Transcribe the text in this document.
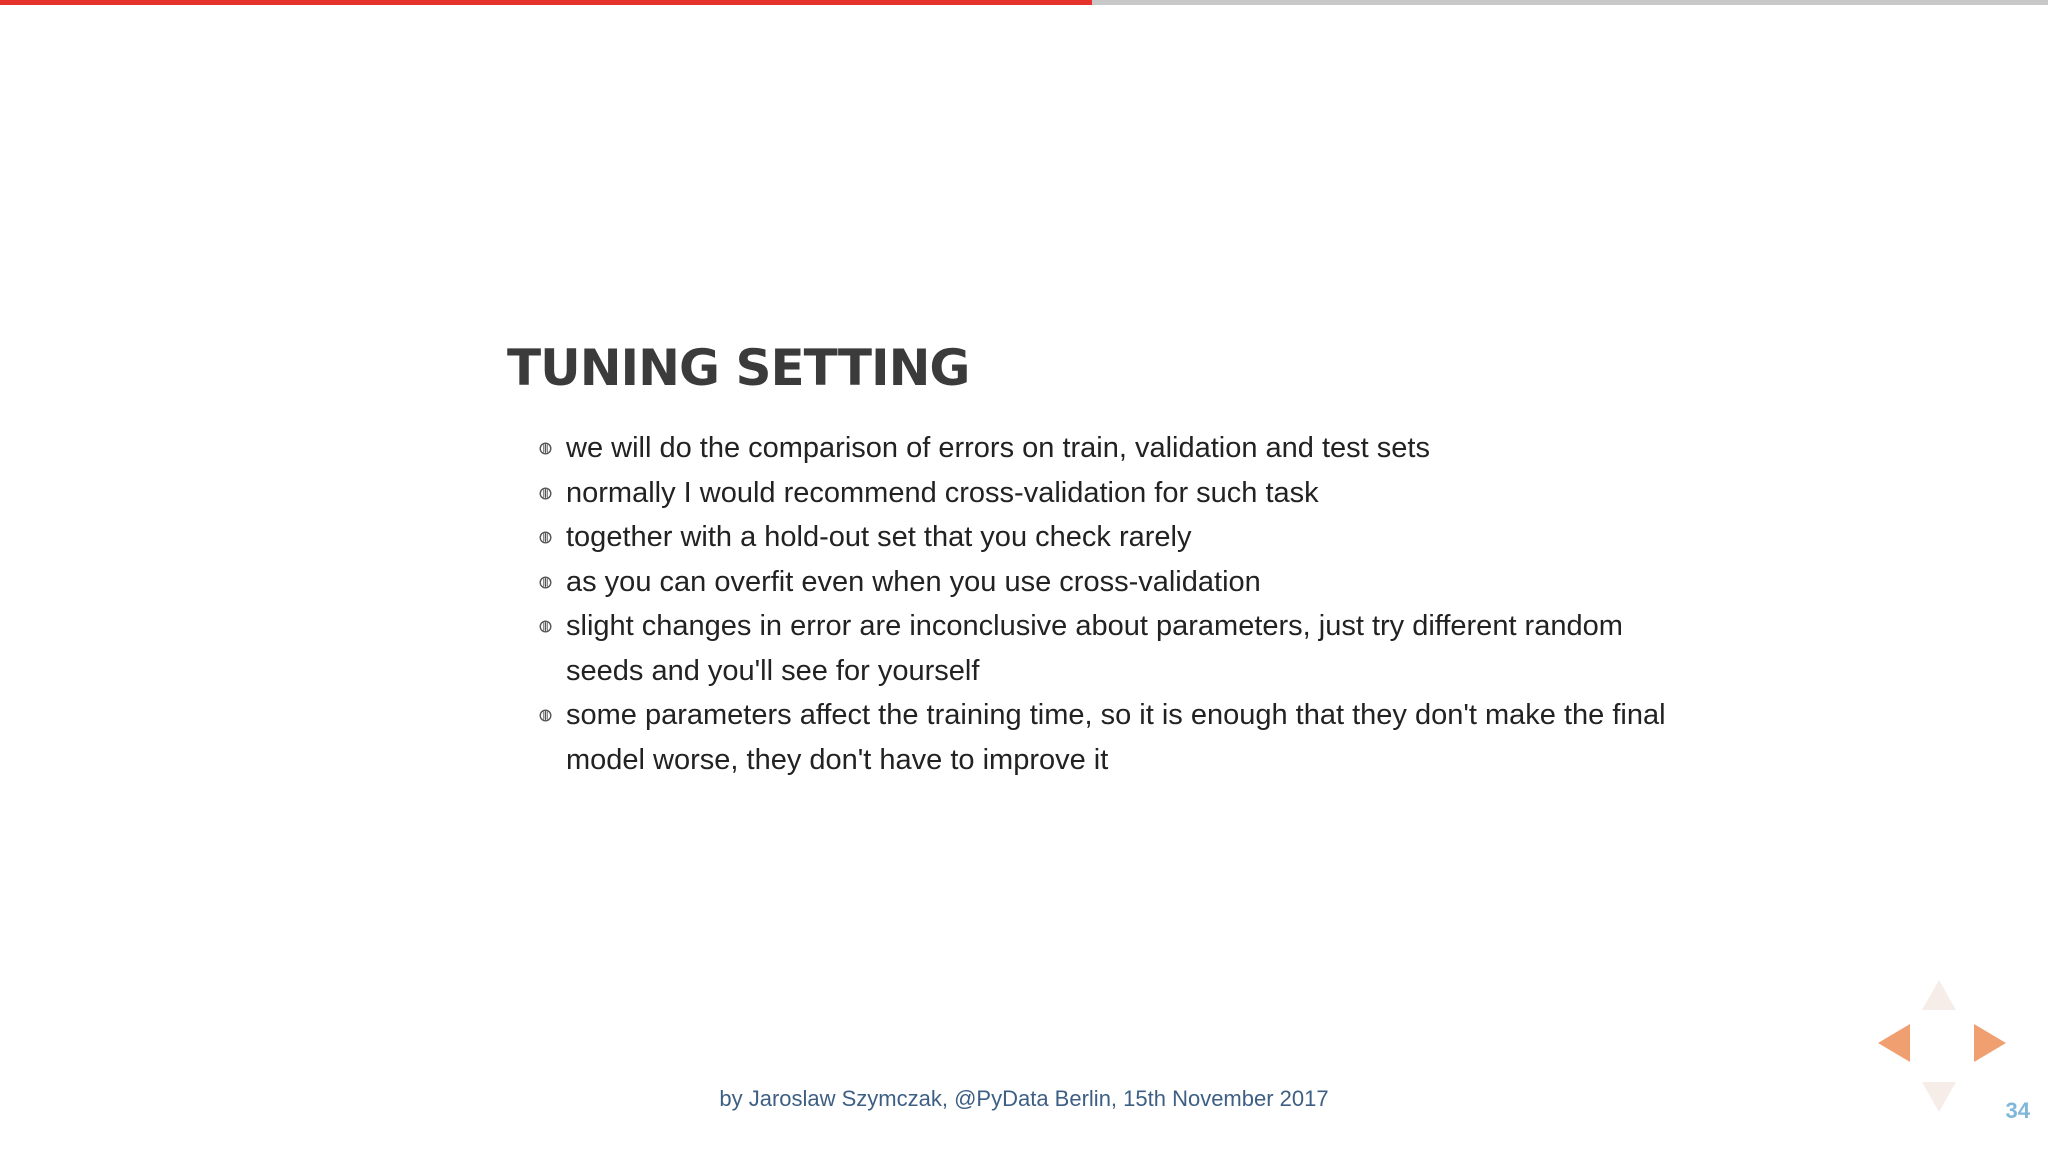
TUNING SETTING
we will do the comparison of errors on train, validation and test sets
normally I would recommend cross-validation for such task
together with a hold-out set that you check rarely
as you can overfit even when you use cross-validation
slight changes in error are inconclusive about parameters, just try different random seeds and you'll see for yourself
some parameters affect the training time, so it is enough that they don't make the final model worse, they don't have to improve it
by Jaroslaw Szymczak, @PyData Berlin, 15th November 2017	34
